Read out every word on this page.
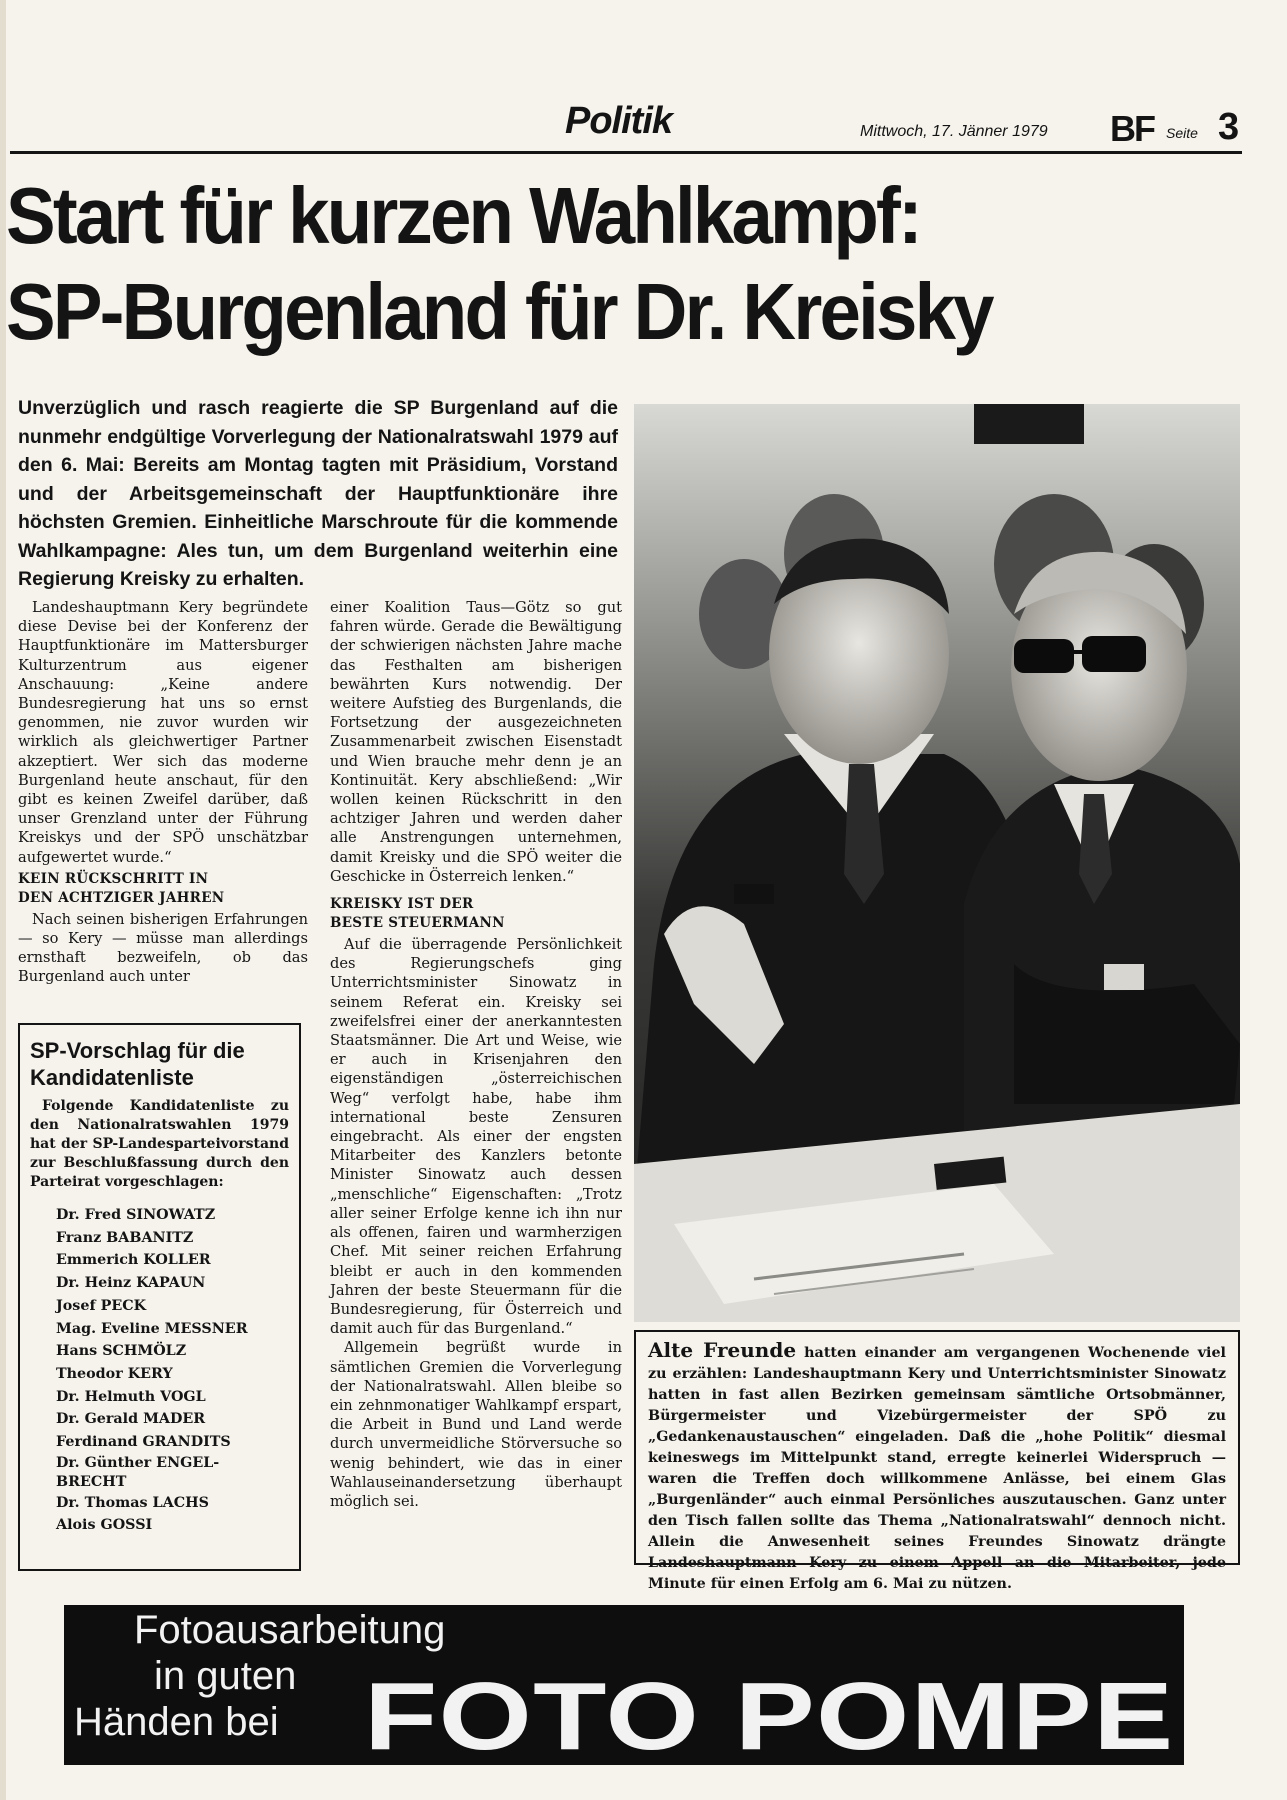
Politik	Mittwoch, 17. Jänner 1979 BF Seite 3
Start für kurzen Wahlkampf:
SP-Burgenland für Dr. Kreisky

Unverzüglich und rasch reagierte die SP Burgenland auf die nunmehr endgültige Vorverlegung der Nationalratswahl 1979 auf den 6. Mai: Bereits am Montag tagten mit Präsidium, Vorstand und der Arbeitsgemeinschaft der Hauptfunktionäre ihre höchsten Gremien. Einheitliche Marschroute für die kommende Wahlkampagne: Ales tun, um dem Burgenland weiterhin eine Regierung Kreisky zu erhalten.

Landeshauptmann Kery begründete diese Devise bei der Konferenz der Hauptfunktionäre im Mattersburger Kulturzentrum aus eigener Anschauung: „Keine andere Bundesregierung hat uns so ernst genommen, nie zuvor wurden wir wirklich als gleichwertiger Partner akzeptiert. Wer sich das moderne Burgenland heute anschaut, für den gibt es keinen Zweifel darüber, daß unser Grenzland unter der Führung Kreiskys und der SPÖ unschätzbar aufgewertet wurde.“

KEIN RÜCKSCHRITT IN
DEN ACHTZIGER JAHREN

Nach seinen bisherigen Erfahrungen — so Kery — müsse man allerdings ernsthaft bezweifeln, ob das Burgenland auch unter

einer Koalition Taus—Götz so gut fahren würde. Gerade die Bewältigung der schwierigen nächsten Jahre mache das Festhalten am bisherigen bewährten Kurs notwendig. Der weitere Aufstieg des Burgenlands, die Fortsetzung der ausgezeichneten Zusammenarbeit zwischen Eisenstadt und Wien brauche mehr denn je an Kontinuität. Kery abschließend: „Wir wollen keinen Rückschritt in den achtziger Jahren und werden daher alle Anstrengungen unternehmen, damit Kreisky und die SPÖ weiter die Geschicke in Österreich lenken.“

KREISKY IST DER
BESTE STEUERMANN

Auf die überragende Persönlichkeit des Regierungschefs ging Unterrichtsminister Sinowatz in seinem Referat ein. Kreisky sei zweifelsfrei einer der anerkanntesten Staatsmänner. Die Art und Weise, wie er auch in Krisenjahren den eigenständigen „österreichischen Weg“ verfolgt habe, habe ihm international beste Zensuren eingebracht. Als einer der engsten Mitarbeiter des Kanzlers betonte Minister Sinowatz auch dessen „menschliche“ Eigenschaften: „Trotz aller seiner Erfolge kenne ich ihn nur als offenen, fairen und warmherzigen Chef. Mit seiner reichen Erfahrung bleibt er auch in den kommenden Jahren der beste Steuermann für die Bundesregierung, für Österreich und damit auch für das Burgenland.“

Allgemein begrüßt wurde in sämtlichen Gremien die Vorverlegung der Nationalratswahl. Allen bleibe so ein zehnmonatiger Wahlkampf erspart, die Arbeit in Bund und Land werde durch unvermeidliche Störversuche so wenig behindert, wie das in einer Wahlauseinandersetzung überhaupt möglich sei.

Alte Freunde hatten einander am vergangenen Wochenende viel zu erzählen: Landeshauptmann Kery und Unterrichtsminister Sinowatz hatten in fast allen Bezirken gemeinsam sämtliche Ortsobmänner, Bürgermeister und Vizebürgermeister der SPÖ zu „Gedankenaustauschen“ eingeladen. Daß die „hohe Politik“ diesmal keineswegs im Mittelpunkt stand, erregte keinerlei Widerspruch — waren die Treffen doch willkommene Anlässe, bei einem Glas „Burgenländer“ auch einmal Persönliches auszutauschen. Ganz unter den Tisch fallen sollte das Thema „Nationalratswahl“ dennoch nicht. Allein die Anwesenheit seines Freundes Sinowatz drängte Landeshauptmann Kery zu einem Appell an die Mitarbeiter, jede Minute für einen Erfolg am 6. Mai zu nützen.
SP-Vorschlag für die
Kandidatenliste

Folgende Kandidatenliste zu den Nationalratswahlen 1979 hat der SP-Landesparteivorstand zur Beschlußfassung durch den Parteirat vorgeschlagen:

Dr. Fred SINOWATZ
Franz BABANITZ
Emmerich KOLLER
Dr. Heinz KAPAUN
Josef PECK
Mag. Eveline MESSNER
Hans SCHMÖLZ
Theodor KERY
Dr. Helmuth VOGL
Dr. Gerald MADER
Ferdinand GRANDITS
Dr. Günther ENGEL-
BRECHT
Dr. Thomas LACHS
Alois GOSSI
Fotoausarbeitung
in guten
Händen bei FOTO POMPE
